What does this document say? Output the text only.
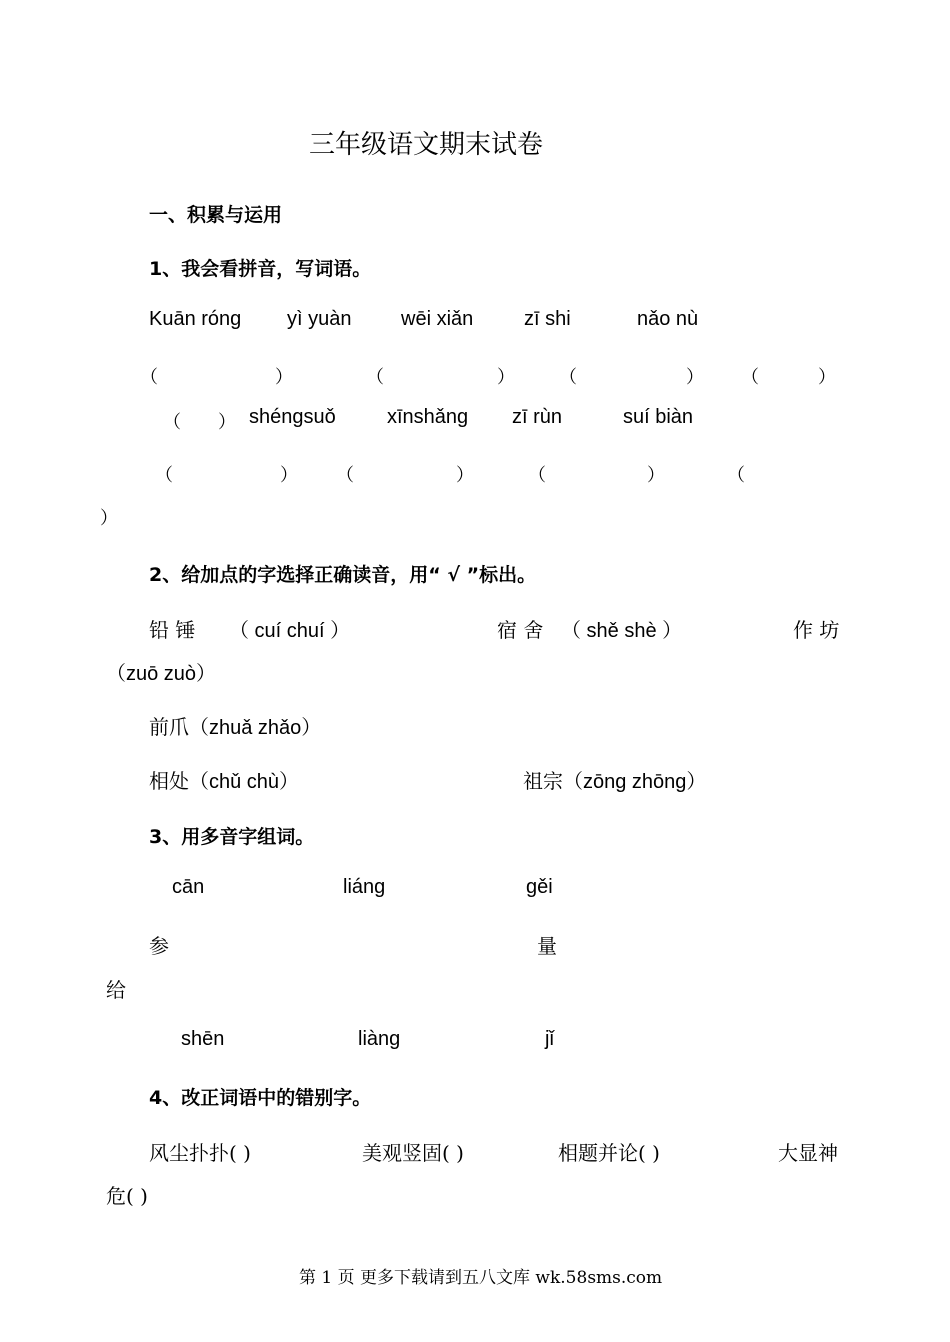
三年级语文期末试卷
一、积累与运用
1、我会看拼音，写词语。
Kuān rónɡ yì yuàn wēi xiǎn	zī shi	nǎo nù
（	）	（	） （	） （	）
（ ） shénɡsuǒ	xīnshǎnɡ zī rùn	suí biàn
（	） （	）	（	）	（
）
2、给加点的字选择正确读音，用“ √ ”标出。
铅 锤 （ cuí chuí ）	宿 舍 （ shě shè ）	作 坊
（zuō zuò）
前爪 （zhuǎ zhǎo）
相处 （chǔ chù）	祖宗 （zōnɡ zhōnɡ）
3、用多音字组词。
cān	liánɡ	ɡěi
参	量
给
shēn	liànɡ	jǐ
4、改正词语中的错别字。
风尘扑扑( )	美观竖固( )	相题并论( )	大显神
危( )
第 1 页 更多下载请到五八文库 wk.58sms.com
